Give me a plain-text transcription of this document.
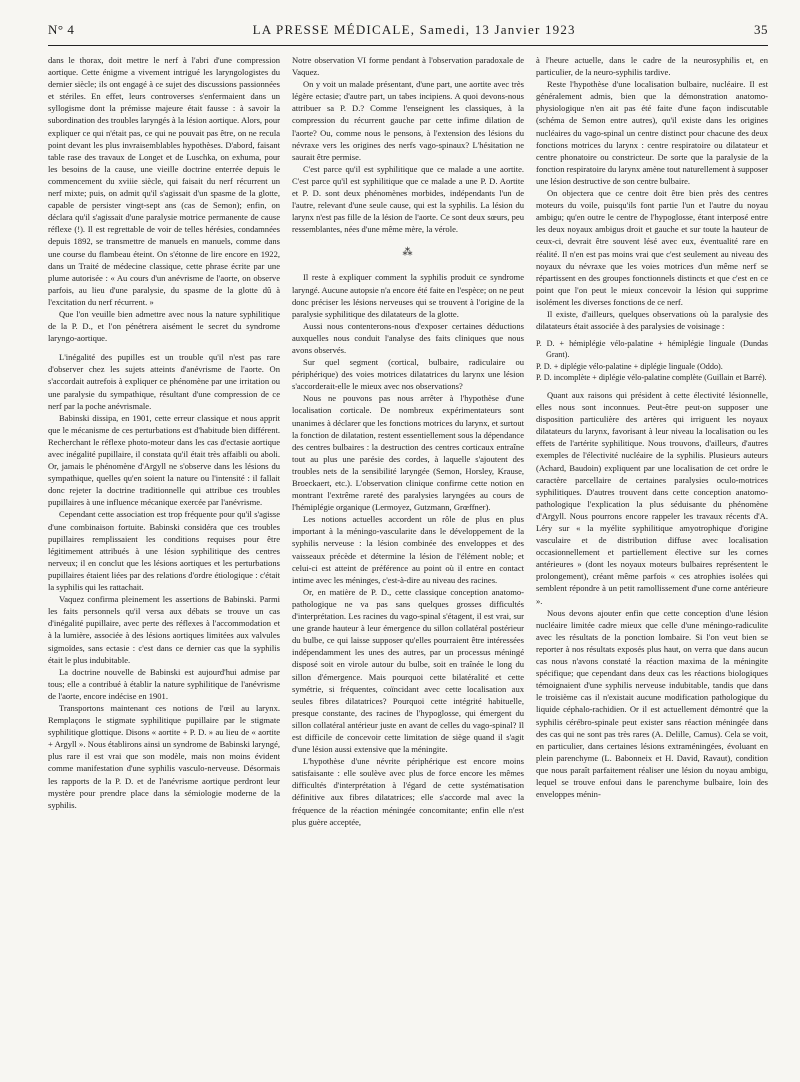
N° 4	LA PRESSE MÉDICALE, Samedi, 13 Janvier 1923	35

dans le thorax, doit mettre le nerf à l'abri d'une compression aortique. Cette énigme a vivement intrigué les laryngologistes du dernier siècle; ils ont engagé à ce sujet des discussions passionnées et stériles. En effet, leurs controverses s'enfermaient dans un syllogisme dont la prémisse majeure était fausse : à savoir la subordination des troubles laryngés à la lésion aortique. Alors, pour expliquer ce qui n'était pas, ce qui ne pouvait pas être, on ne recula point devant les plus invraisemblables hypothèses. D'abord, faisant table rase des travaux de Longet et de Luschka, on exhuma, pour les besoins de la cause, une vieille doctrine enterrée depuis le commencement du xviiie siècle, qui faisait du nerf récurrent un nerf mixte; puis, on admit qu'il s'agissait d'un spasme de la glotte, capable de persister vingt-sept ans (cas de Semon); enfin, on déclara qu'il s'agissait d'une paralysie motrice permanente de cause réflexe (!). Il est regrettable de voir de telles hérésies, condamnées depuis 1892, se transmettre de manuels en manuels, comme dans une course du flambeau éteint. On s'étonne de lire encore en 1922, dans un Traité de médecine classique, cette phrase écrite par une plume autorisée : « Au cours d'un anévrisme de l'aorte, on observe parfois, au lieu d'une paralysie, du spasme de la glotte dû à l'excitation du nerf récurrent. »

Que l'on veuille bien admettre avec nous la nature syphilitique de la P. D., et l'on pénétrera aisément le secret du syndrome laryngo-aortique.

L'inégalité des pupilles est un trouble qu'il n'est pas rare d'observer chez les sujets atteints d'anévrisme de l'aorte. On s'accordait autrefois à expliquer ce phénomène par une irritation ou une paralysie du sympathique, résultant d'une compression de ce nerf par la poche anévrismale.

Babinski dissipa, en 1901, cette erreur classique et nous apprit que le mécanisme de ces perturbations est d'habitude bien différent. Recherchant le réflexe photo-moteur dans les cas d'ectasie aortique avec inégalité pupillaire, il constata qu'il était très affaibli ou aboli. Or, jamais le phénomène d'Argyll ne s'observe dans les lésions du sympathique, quelles qu'en soient la nature ou l'intensité : il fallait donc rejeter la doctrine traditionnelle qui attribue ces troubles pupillaires à une influence mécanique exercée par l'anévrisme.

Cependant cette association est trop fréquente pour qu'il s'agisse d'une combinaison fortuite. Babinski considéra que ces troubles pupillaires remplissaient les conditions requises pour être légitimement attribués à une lésion syphilitique des centres nerveux; il en conclut que les lésions aortiques et les perturbations pupillaires étaient liées par des relations d'ordre étiologique : c'était la syphilis qui les rattachait.

Vaquez confirma pleinement les assertions de Babinski. Parmi les faits personnels qu'il versa aux débats se trouve un cas d'inégalité pupillaire, avec perte des réflexes à l'accommodation et à la lumière, associée à des lésions aortiques limitées aux valvules sigmoïdes, sans ectasie : c'est dans ce dernier cas que la syphilis était le plus indubitable.

La doctrine nouvelle de Babinski est aujourd'hui admise par tous; elle a contribué à établir la nature syphilitique de l'anévrisme de l'aorte, encore indécise en 1901.

Transportons maintenant ces notions de l'œil au larynx. Remplaçons le stigmate syphilitique pupillaire par le stigmate syphilitique glottique. Disons « aortite + P. D. » au lieu de « aortite + Argyll ». Nous établirons ainsi un syndrome de Babinski laryngé, plus rare il est vrai que son modèle, mais non moins évident comme manifestation d'une syphilis vasculo-nerveuse. Désormais les rapports de la P. D. et de l'anévrisme aortique perdront leur mystère pour prendre place dans la sémiologie moderne de la syphilis.

Notre observation VI forme pendant à l'observation paradoxale de Vaquez.

On y voit un malade présentant, d'une part, une aortite avec très légère ectasie; d'autre part, un tabes incipiens. A quoi devons-nous attribuer sa P. D.? Comme l'enseignent les classiques, à la compression du récurrent gauche par cette infime dilation de l'aorte? Ou, comme nous le pensons, à l'extension des lésions du névraxe vers les origines des nerfs vago-spinaux? L'hésitation ne saurait être permise.

C'est parce qu'il est syphilitique que ce malade a une aortite. C'est parce qu'il est syphilitique que ce malade a une P. D. Aortite et P. D. sont deux phénomènes morbides, indépendants l'un de l'autre, relevant d'une seule cause, qui est la syphilis. La lésion du larynx n'est pas fille de la lésion de l'aorte. Ce sont deux sœurs, peu ressemblantes, nées d'une même mère, la vérole.

⁂

Il reste à expliquer comment la syphilis produit ce syndrome laryngé. Aucune autopsie n'a encore été faite en l'espèce; on ne peut donc préciser les lésions nerveuses qui se trouvent à l'origine de la paralysie syphilitique des dilatateurs de la glotte.

Aussi nous contenterons-nous d'exposer certaines déductions auxquelles nous conduit l'analyse des faits cliniques que nous avons observés.

Sur quel segment (cortical, bulbaire, radiculaire ou périphérique) des voies motrices dilatatrices du larynx une lésion s'accorderait-elle le mieux avec nos observations?

Nous ne pouvons pas nous arrêter à l'hypothèse d'une localisation corticale. De nombreux expérimentateurs sont unanimes à déclarer que les fonctions motrices du larynx, et surtout la fonction de dilatation, restent essentiellement sous la dépendance des centres bulbaires : la destruction des centres corticaux entraîne tout au plus une parésie des cordes, à laquelle s'ajoutent des troubles nets de la sensibilité laryngée (Semon, Horsley, Krause, Broeckaert, etc.). L'observation clinique confirme cette notion en montrant l'extrême rareté des paralysies laryngées au cours de l'hémiplégie organique (Lermoyez, Gutzmann, Grœffner).

Les notions actuelles accordent un rôle de plus en plus important à la méningo-vascularite dans le développement de la syphilis nerveuse : la lésion combinée des enveloppes et des vaisseaux précède et détermine la lésion de l'élément noble; et celui-ci est atteint de préférence au point où il entre en contact intime avec les méninges, c'est-à-dire au niveau des racines.

Or, en matière de P. D., cette classique conception anatomo-pathologique ne va pas sans quelques grosses difficultés d'interprétation. Les racines du vago-spinal s'étagent, il est vrai, sur une grande hauteur à leur émergence du sillon collatéral postérieur du bulbe, ce qui laisse supposer qu'elles pourraient être intéressées indépendamment les unes des autres, par un processus méningé disposé soit en virole autour du bulbe, soit en traînée le long du sillon d'émergence. Mais pourquoi cette bilatéralité et cette symétrie, si fréquentes, coïncidant avec cette localisation aux seules fibres dilatatrices? Pourquoi cette intégrité habituelle, presque constante, des racines de l'hypoglosse, qui émergent du sillon collatéral antérieur juste en avant de celles du vago-spinal? Il est difficile de concevoir cette limitation de siège quand il s'agit d'une lésion aussi extensive que la méningite.

L'hypothèse d'une névrite périphérique est encore moins satisfaisante : elle soulève avec plus de force encore les mêmes difficultés d'interprétation à l'égard de cette systématisation définitive aux fibres dilatatrices; elle s'accorde mal avec la fréquence de la réaction méningée concomitante; enfin elle n'est plus guère acceptée,

à l'heure actuelle, dans le cadre de la neurosyphilis et, en particulier, de la neuro-syphilis tardive.

Reste l'hypothèse d'une localisation bulbaire, nucléaire. Il est généralement admis, bien que la démonstration anatomo-physiologique n'en ait pas été faite d'une façon indiscutable (schéma de Semon entre autres), qu'il existe dans les origines nucléaires du vago-spinal un centre distinct pour chacune des deux fonctions motrices du larynx : centre respiratoire ou dilatateur et centre phonatoire ou constricteur. De sorte que la paralysie de la fonction respiratoire du larynx amène tout naturellement à supposer une lésion destructive de son centre bulbaire.

On objectera que ce centre doit être bien près des centres moteurs du voile, puisqu'ils font partie l'un et l'autre du noyau ambigu; qu'en outre le centre de l'hypoglosse, étant interposé entre les deux noyaux ambigus droit et gauche et sur toute la hauteur de ceux-ci, devrait être souvent lésé avec eux, éventualité rare en réalité. Il n'en est pas moins vrai que c'est seulement au niveau des noyaux du névraxe que les voies motrices d'un même nerf se répartissent en des groupes fonctionnels distincts et que c'est en ce point que l'on peut le mieux concevoir la lésion qui supprime isolément les diverses fonctions de ce nerf.

Il existe, d'ailleurs, quelques observations où la paralysie des dilatateurs était associée à des paralysies de voisinage :

P. D. + hémiplégie vélo-palatine + hémiplégie linguale (Dundas Grant).
P. D. + diplégie vélo-palatine + diplégie linguale (Oddo).
P. D. incomplète + diplégie vélo-palatine complète (Guillain et Barré).

Quant aux raisons qui président à cette électivité lésionnelle, elles nous sont inconnues. Peut-être peut-on supposer une disposition particulière des artères qui irriguent les noyaux dilatateurs du larynx, favorisant à leur niveau la localisation ou les effets de l'artérite syphilitique. Nous trouvons, d'ailleurs, d'autres exemples de l'électivité nucléaire de la syphilis. Plusieurs auteurs (Achard, Baudoin) expliquent par une localisation de cet ordre le caractère parcellaire de certaines paralysies oculo-motrices syphilitiques. D'autres trouvent dans cette conception anatomo-pathologique l'explication la plus séduisante du phénomène d'Argyll. Nous pourrons encore rappeler les travaux récents d'A. Léry sur « la myélite syphilitique amyotrophique d'origine vasculaire et de distribution diffuse avec localisation occasionnellement et partiellement élective sur les cornes antérieures » (dont les noyaux moteurs bulbaires représentent le prolongement), créant même parfois « ces atrophies isolées qui semblent répondre à un petit ramollissement d'une corne antérieure ».

Nous devons ajouter enfin que cette conception d'une lésion nucléaire limitée cadre mieux que celle d'une méningo-radiculite avec les résultats de la ponction lombaire. Si l'on veut bien se reporter à nos résultats exposés plus haut, on verra que dans aucun cas nous n'avons constaté la réaction maxima de la méningite spécifique; que cependant dans deux cas les réactions biologiques témoignaient d'une syphilis nerveuse indubitable, tandis que dans le troisième cas il n'existait aucune modification pathologique du liquide céphalo-rachidien. Or il est actuellement démontré que la syphilis cérébro-spinale peut exister sans réaction méningée dans des cas qui ne sont pas très rares (A. Delille, Camus). Cela se voit, en particulier, dans certaines lésions extraméningées, évoluant en plein parenchyme (L. Babonneix et H. David, Ravaut), condition que nous paraît parfaitement réaliser une lésion du noyau ambigu, lequel se trouve enfoui dans le parenchyme bulbaire, loin des enveloppes ménin-
